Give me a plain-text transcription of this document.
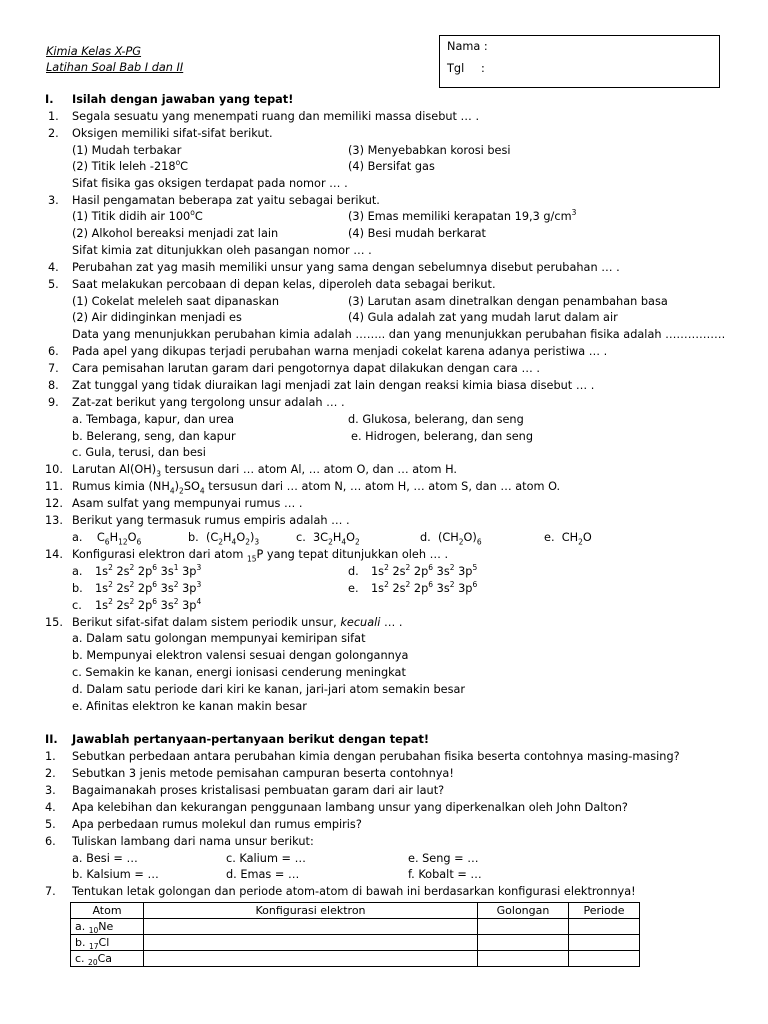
Kimia Kelas X-PG
Latihan Soal Bab I dan II
Nama :
Tgl :
I. Isilah dengan jawaban yang tepat!
1. Segala sesuatu yang menempati ruang dan memiliki massa disebut … .
2. Oksigen memiliki sifat-sifat berikut.
(1) Mudah terbakar	(3) Menyebabkan korosi besi
(2) Titik leleh -218$^o$C	(4) Bersifat gas
Sifat fisika gas oksigen terdapat pada nomor … .
3. Hasil pengamatan beberapa zat yaitu sebagai berikut.
(1) Titik didih air 100$^o$C	(3) Emas memiliki kerapatan 19,3 $g/cm^3$
(2) Alkohol bereaksi menjadi zat lain	(4) Besi mudah berkarat
Sifat kimia zat ditunjukkan oleh pasangan nomor … .
4. Perubahan zat yag masih memiliki unsur yang sama dengan sebelumnya disebut perubahan … .
5. Saat melakukan percobaan di depan kelas, diperoleh data sebagai berikut.
(1) Cokelat meleleh saat dipanaskan	(3) Larutan asam dinetralkan dengan penambahan basa
(2) Air didinginkan menjadi es	(4) Gula adalah zat yang mudah larut dalam air
Data yang menunjukkan perubahan kimia adalah …….. dan yang menunjukkan perubahan fisika adalah …………….
6. Pada apel yang dikupas terjadi perubahan warna menjadi cokelat karena adanya peristiwa … .
7. Cara pemisahan larutan garam dari pengotornya dapat dilakukan dengan cara … .
8. Zat tunggal yang tidak diuraikan lagi menjadi zat lain dengan reaksi kimia biasa disebut … .
9. Zat-zat berikut yang tergolong unsur adalah … .
a. Tembaga, kapur, dan urea	d. Glukosa, belerang, dan seng
b. Belerang, seng, dan kapur	e. Hidrogen, belerang, dan seng
c. Gula, terusi, dan besi
10. Larutan $Al(OH)_3$ tersusun dari … atom Al, … atom O, dan … atom H.
11. Rumus kimia $(NH_4)_2SO_4$ tersusun dari … atom N, … atom H, … atom S, dan … atom O.
12. Asam sulfat yang mempunyai rumus … .
13. Berikut yang termasuk rumus empiris adalah … .
a. $C_6H_{12}O_6$	b. $(C_2H_4O_2)_3$	c. $3C_2H_4O_2$	d. $(CH_2O)_6$	e. $CH_2O$
14. Konfigurasi elektron dari atom $_{15}$P yang tepat ditunjukkan oleh … .
a. $1s^2$ $2s^2$ $2p^6$ $3s^1$ $3p^3$	d. $1s^2$ $2s^2$ $2p^6$ $3s^2$ $3p^5$
b. $1s^2$ $2s^2$ $2p^6$ $3s^2$ $3p^3$	e. $1s^2$ $2s^2$ $2p^6$ $3s^2$ $3p^6$
c. $1s^2$ $2s^2$ $2p^6$ $3s^2$ $3p^4$
15. Berikut sifat-sifat dalam sistem periodik unsur, kecuali … .
a. Dalam satu golongan mempunyai kemiripan sifat
b. Mempunyai elektron valensi sesuai dengan golongannya
c. Semakin ke kanan, energi ionisasi cenderung meningkat
d. Dalam satu periode dari kiri ke kanan, jari-jari atom semakin besar
e. Afinitas elektron ke kanan makin besar
II. Jawablah pertanyaan-pertanyaan berikut dengan tepat!
1. Sebutkan perbedaan antara perubahan kimia dengan perubahan fisika beserta contohnya masing-masing?
2. Sebutkan 3 jenis metode pemisahan campuran beserta contohnya!
3. Bagaimanakah proses kristalisasi pembuatan garam dari air laut?
4. Apa kelebihan dan kekurangan penggunaan lambang unsur yang diperkenalkan oleh John Dalton?
5. Apa perbedaan rumus molekul dan rumus empiris?
6. Tuliskan lambang dari nama unsur berikut:
a. Besi = …	c. Kalium = …	e. Seng = …
b. Kalsium = …	d. Emas = …	f. Kobalt = …
7. Tentukan letak golongan dan periode atom-atom di bawah ini berdasarkan konfigurasi elektronnya!
Atom	Konfigurasi elektron	Golongan	Periode
a. $_{10}$Ne			
b. $_{17}$Cl			
c. $_{20}$Ca			
